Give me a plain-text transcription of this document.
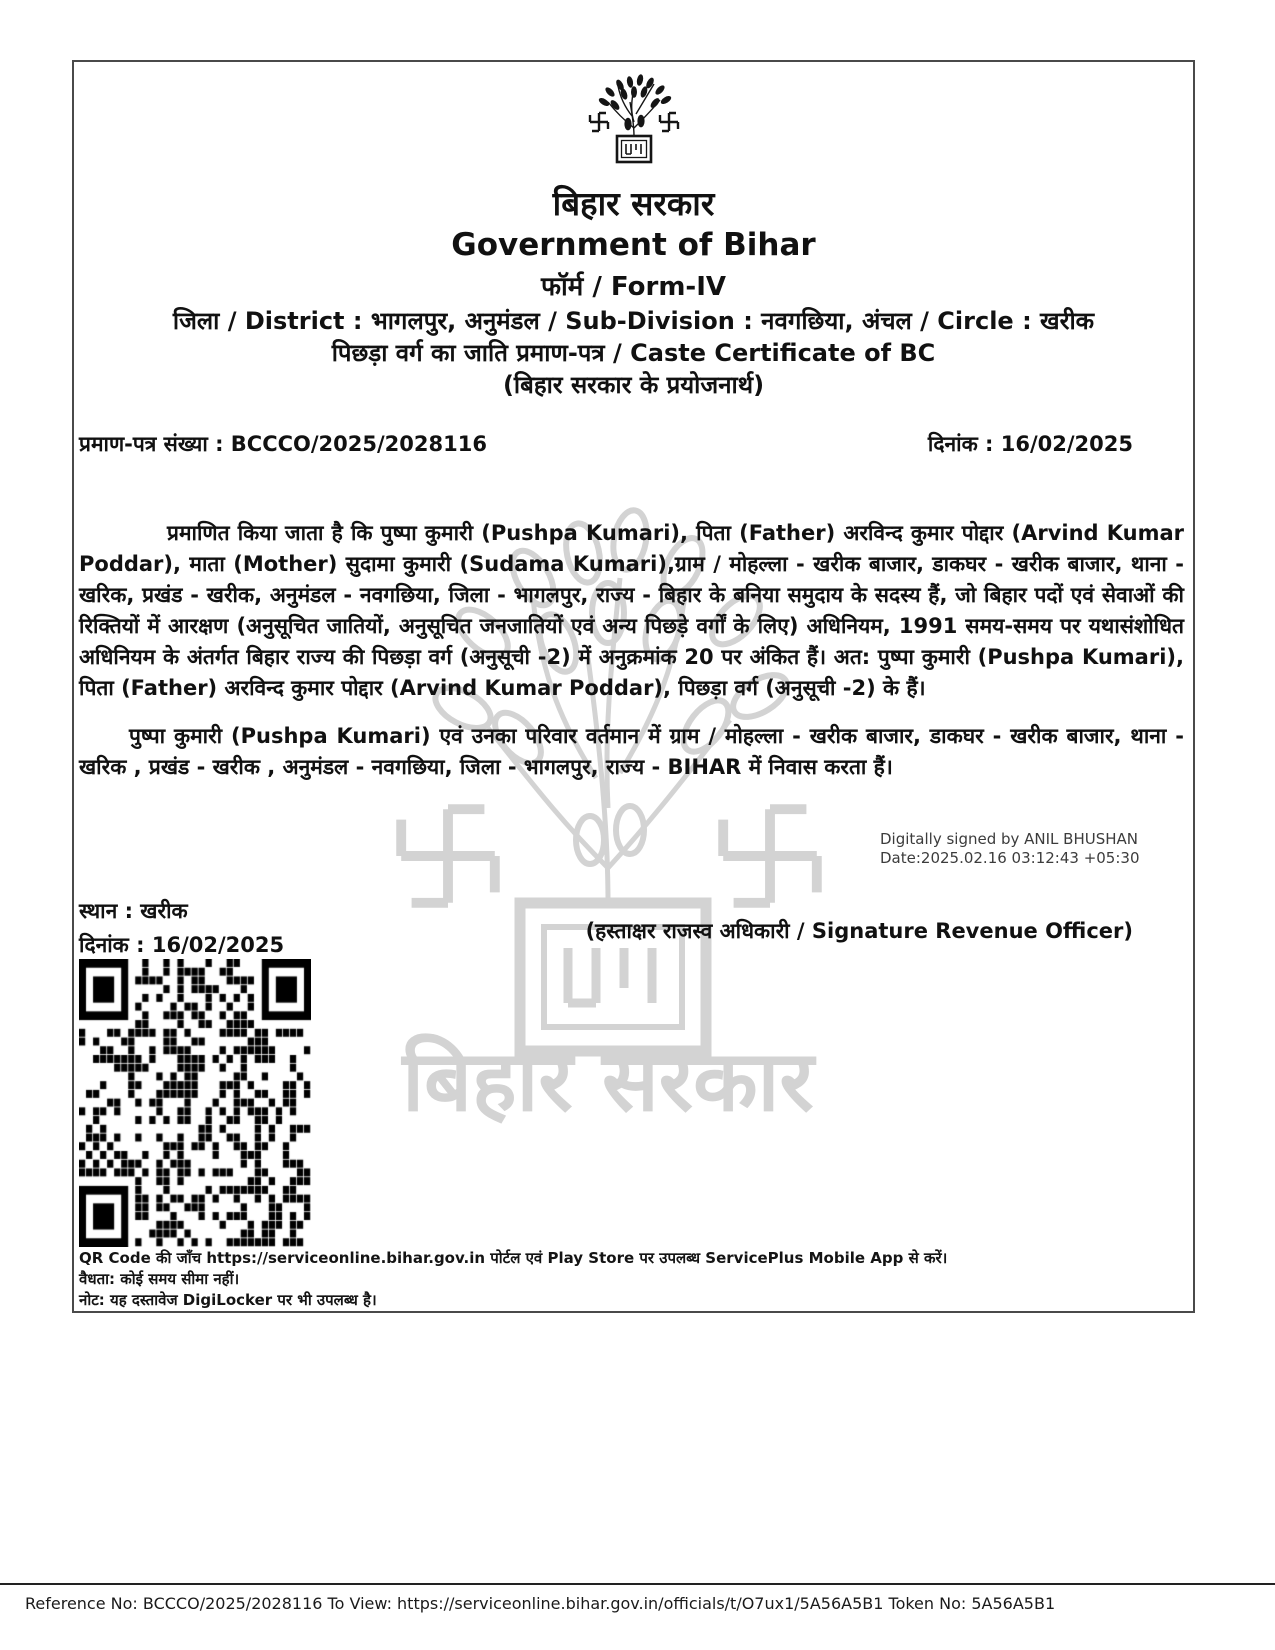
बिहार सरकार
बिहार सरकार
Government of Bihar
फॉर्म / Form-IV
जिला / District : भागलपुर, अनुमंडल / Sub-Division : नवगछिया, अंचल / Circle : खरीक
पिछड़ा वर्ग का जाति प्रमाण-पत्र / Caste Certificate of BC
(बिहार सरकार के प्रयोजनार्थ)
प्रमाण-पत्र संख्या : BCCCO/2025/2028116	दिनांक : 16/02/2025

प्रमाणित किया जाता है कि पुष्पा कुमारी (Pushpa Kumari), पिता (Father) अरविन्द कुमार पोद्दार (Arvind Kumar Poddar), माता (Mother) सुदामा कुमारी (Sudama Kumari),ग्राम / मोहल्ला - खरीक बाजार, डाकघर - खरीक बाजार, थाना - खरिक, प्रखंड - खरीक, अनुमंडल - नवगछिया, जिला - भागलपुर, राज्य - बिहार के बनिया समुदाय के सदस्य हैं, जो बिहार पदों एवं सेवाओं की रिक्तियों में आरक्षण (अनुसूचित जातियों, अनुसूचित जनजातियों एवं अन्य पिछड़े वर्गों के लिए) अधिनियम, 1991 समय-समय पर यथासंशोधित अधिनियम के अंतर्गत बिहार राज्य की पिछड़ा वर्ग (अनुसूची -2) में अनुक्रमांक 20 पर अंकित हैं। अत: पुष्पा कुमारी (Pushpa Kumari), पिता (Father) अरविन्द कुमार पोद्दार (Arvind Kumar Poddar), पिछड़ा वर्ग (अनुसूची -2) के हैं।

पुष्पा कुमारी (Pushpa Kumari) एवं उनका परिवार वर्तमान में ग्राम / मोहल्ला - खरीक बाजार, डाकघर - खरीक बाजार, थाना - खरिक , प्रखंड - खरीक , अनुमंडल - नवगछिया, जिला - भागलपुर, राज्य - BIHAR में निवास करता हैं।

Digitally signed by ANIL BHUSHAN
Date:2025.02.16 03:12:43 +05:30
स्थान : खरीक
(हस्ताक्षर राजस्व अधिकारी / Signature Revenue Officer)
दिनांक : 16/02/2025
QR Code की जाँच https://serviceonline.bihar.gov.in पोर्टल एवं Play Store पर उपलब्ध ServicePlus Mobile App से करें।
वैधता: कोई समय सीमा नहीं।
नोट: यह दस्तावेज DigiLocker पर भी उपलब्ध है।
Reference No: BCCCO/2025/2028116 To View: https://serviceonline.bihar.gov.in/officials/t/O7ux1/5A56A5B1 Token No: 5A56A5B1
